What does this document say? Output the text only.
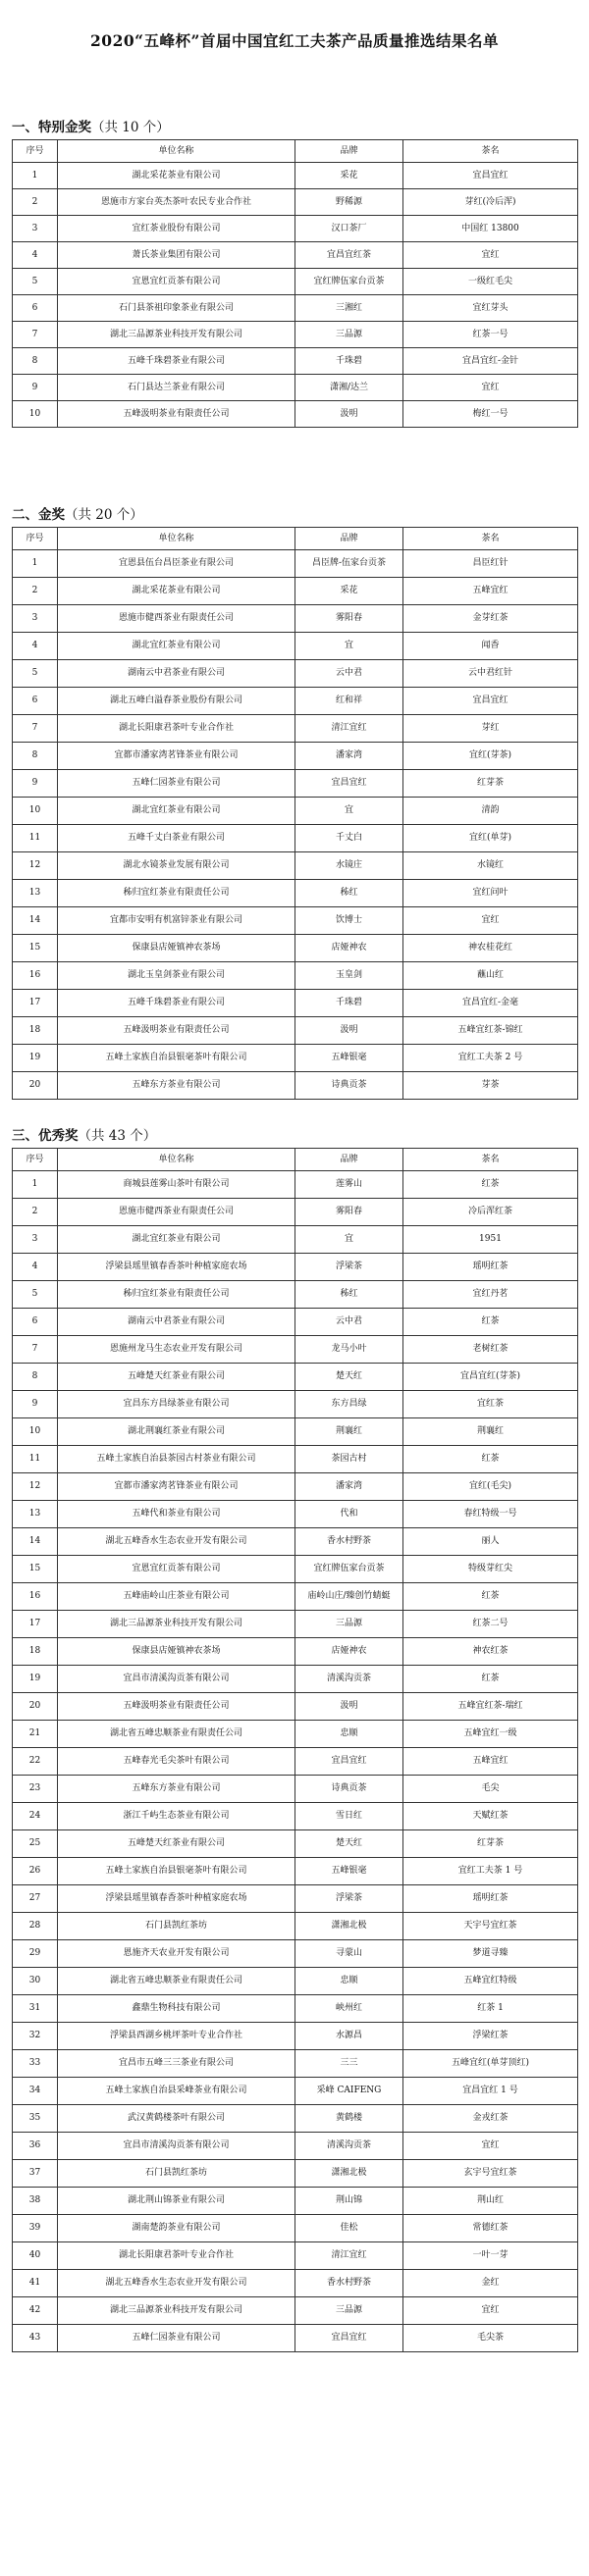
2020“五峰杯”首届中国宜红工夫茶产品质量推选结果名单
一、特别金奖（共 10 个）
序号	单位名称	品牌	茶名
1	湖北采花茶业有限公司	采花	宜昌宜红
2	恩施市方家台英杰茶叶农民专业合作社	野稀源	芽红(冷后浑)
3	宜红茶业股份有限公司	汉口茶厂	中国红 13800
4	萧氏茶业集团有限公司	宜昌宜红茶	宜红
5	宜恩宜红贡茶有限公司	宜红牌伍家台贡茶	一级红毛尖
6	石门县茶祖印象茶业有限公司	三湘红	宜红芽头
7	湖北三品源茶业科技开发有限公司	三品源	红茶一号
8	五峰千珠碧茶业有限公司	千珠碧	宜昌宜红-金针
9	石门县达兰茶业有限公司	潇湘/达兰	宜红
10	五峰汲明茶业有限责任公司	汲明	梅红一号
二、金奖（共 20 个）
序号	单位名称	品牌	茶名
1	宜恩县伍台昌臣茶业有限公司	昌臣牌-伍家台贡茶	昌臣红针
2	湖北采花茶业有限公司	采花	五峰宜红
3	恩施市健西茶业有限责任公司	雾阳春	金芽红茶
4	湖北宜红茶业有限公司	宜	闻香
5	湖南云中君茶业有限公司	云中君	云中君红针
6	湖北五峰白溢春茶业股份有限公司	红和祥	宜昌宜红
7	湖北长阳康君茶叶专业合作社	清江宜红	芽红
8	宜都市潘家湾茗锋茶业有限公司	潘家湾	宜红(芽茶)
9	五峰仁园茶业有限公司	宜昌宜红	红芽茶
10	湖北宜红茶业有限公司	宜	清韵
11	五峰千丈白茶业有限公司	千丈白	宜红(单芽)
12	湖北水镜茶业发展有限公司	水镜庄	水镜红
13	秭归宜红茶业有限责任公司	秭红	宜红问叶
14	宜都市安明有机富锌茶业有限公司	饮博士	宜红
15	保康县店娅镇神农茶场	店娅神农	神农桂花红
16	湖北玉皇剑茶业有限公司	玉皇剑	蘸山红
17	五峰千珠碧茶业有限公司	千珠碧	宜昌宜红-金毫
18	五峰汲明茶业有限责任公司	汲明	五峰宜红茶-锦红
19	五峰土家族自治县银毫茶叶有限公司	五峰银毫	宜红工夫茶 2 号
20	五峰东方茶业有限公司	诗典贡茶	芽茶
三、优秀奖（共 43 个）
序号	单位名称	品牌	茶名
1	商城县莲雾山茶叶有限公司	莲雾山	红茶
2	恩施市健西茶业有限责任公司	雾阳春	冷后浑红茶
3	湖北宜红茶业有限公司	宜	1951
4	浮梁县瑶里镇春香茶叶种植家庭农场	浮梁茶	瑶明红茶
5	秭归宜红茶业有限责任公司	秭红	宜红丹茗
6	湖南云中君茶业有限公司	云中君	红茶
7	恩施州龙马生态农业开发有限公司	龙马小叶	老树红茶
8	五峰楚天红茶业有限公司	楚天红	宜昌宜红(芽茶)
9	宜昌东方昌绿茶业有限公司	东方昌绿	宜红茶
10	湖北荆襄红茶业有限公司	荆襄红	荆襄红
11	五峰土家族自治县茶园古村茶业有限公司	茶园古村	红茶
12	宜都市潘家湾茗锋茶业有限公司	潘家湾	宜红(毛尖)
13	五峰代和茶业有限公司	代和	春红特级一号
14	湖北五峰香水生态农业开发有限公司	香水村野茶	丽人
15	宜恩宜红贡茶有限公司	宜红牌伍家台贡茶	特级芽红尖
16	五峰庙岭山庄茶业有限公司	庙岭山庄/臻创竹蜻蜓	红茶
17	湖北三品源茶业科技开发有限公司	三品源	红茶二号
18	保康县店娅镇神农茶场	店娅神农	神农红茶
19	宜昌市清溪沟贡茶有限公司	清溪沟贡茶	红茶
20	五峰汲明茶业有限责任公司	汲明	五峰宜红茶-瑞红
21	湖北省五峰忠顺茶业有限责任公司	忠顺	五峰宜红一级
22	五峰春光毛尖茶叶有限公司	宜昌宜红	五峰宜红
23	五峰东方茶业有限公司	诗典贡茶	毛尖
24	浙江千屿生态茶业有限公司	雪日红	天赋红茶
25	五峰楚天红茶业有限公司	楚天红	红芽茶
26	五峰土家族自治县银毫茶叶有限公司	五峰银毫	宜红工夫茶 1 号
27	浮梁县瑶里镇春香茶叶种植家庭农场	浮梁茶	瑶明红茶
28	石门县凯红茶坊	潇湘北极	天宇号宜红茶
29	恩施齐天农业开发有限公司	寻蒙山	梦道寻臻
30	湖北省五峰忠顺茶业有限责任公司	忠顺	五峰宜红特级
31	鑫鼎生物科技有限公司	峡州红	红茶 1
32	浮梁县西湖乡桃坪茶叶专业合作社	水源昌	浮梁红茶
33	宜昌市五峰三三茶业有限公司	三三	五峰宜红(单芽顶红)
34	五峰土家族自治县采峰茶业有限公司	采峰 CAIFENG	宜昌宜红 1 号
35	武汉黄鹤楼茶叶有限公司	黄鹤楼	金戎红茶
36	宜昌市清溪沟贡茶有限公司	清溪沟贡茶	宜红
37	石门县凯红茶坊	潇湘北极	玄宇号宜红茶
38	湖北荆山锦茶业有限公司	荆山锦	荆山红
39	湖南楚韵茶业有限公司	佳松	常德红茶
40	湖北长阳康君茶叶专业合作社	清江宜红	一叶一芽
41	湖北五峰香水生态农业开发有限公司	香水村野茶	金红
42	湖北三品源茶业科技开发有限公司	三品源	宜红
43	五峰仁园茶业有限公司	宜昌宜红	毛尖茶
